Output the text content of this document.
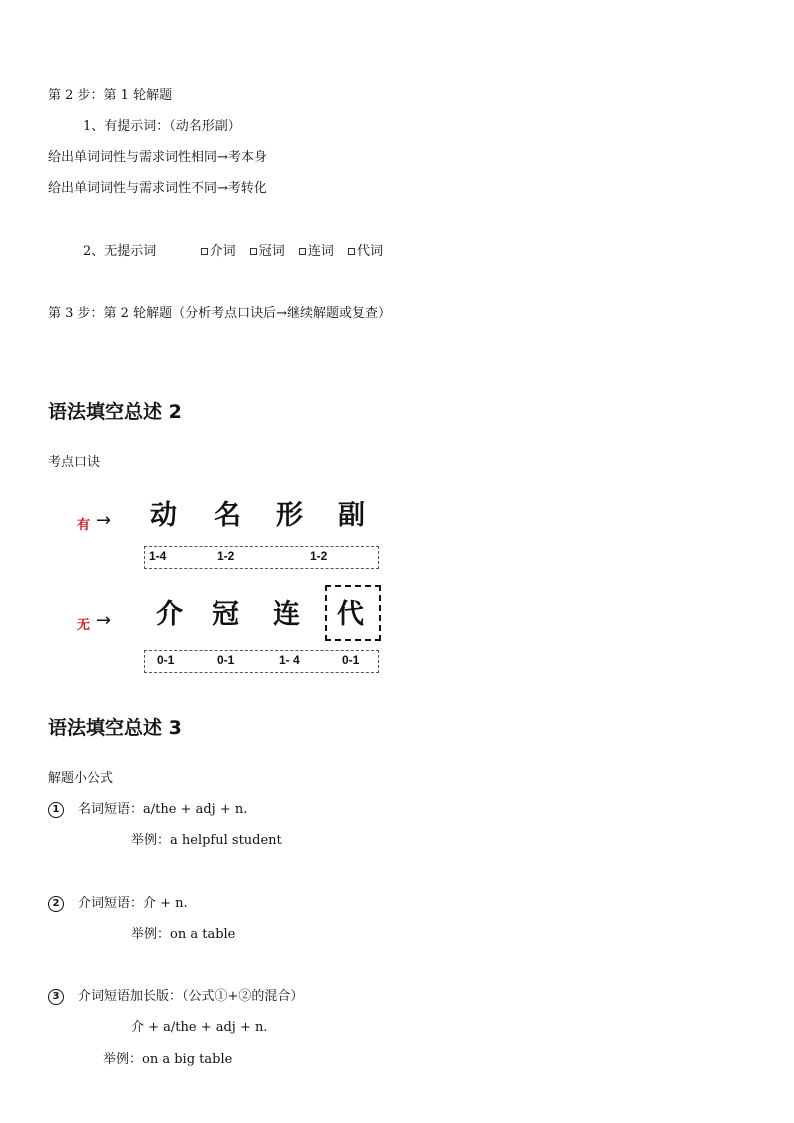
第 2 步：第 1 轮解题
1、有提示词：（动名形副）
给出单词词性与需求词性相同→考本身
给出单词词性与需求词性不同→考转化
2、无提示词	介词 冠词 连词 代词
第 3 步：第 2 轮解题（分析考点口诀后→继续解题或复查）
语法填空总述 2
考点口诀
有 → 动 名 形 副
1-4	1-2	1-2
无 → 介 冠 连 代
0-1	0-1	1- 4	0-1
语法填空总述 3
解题小公式
1 名词短语：a/the + adj + n.
举例：a helpful student
2 介词短语：介 + n.
举例：on a table
3 介词短语加长版：（公式①+②的混合）
介 + a/the + adj + n.
举例：on a big table
